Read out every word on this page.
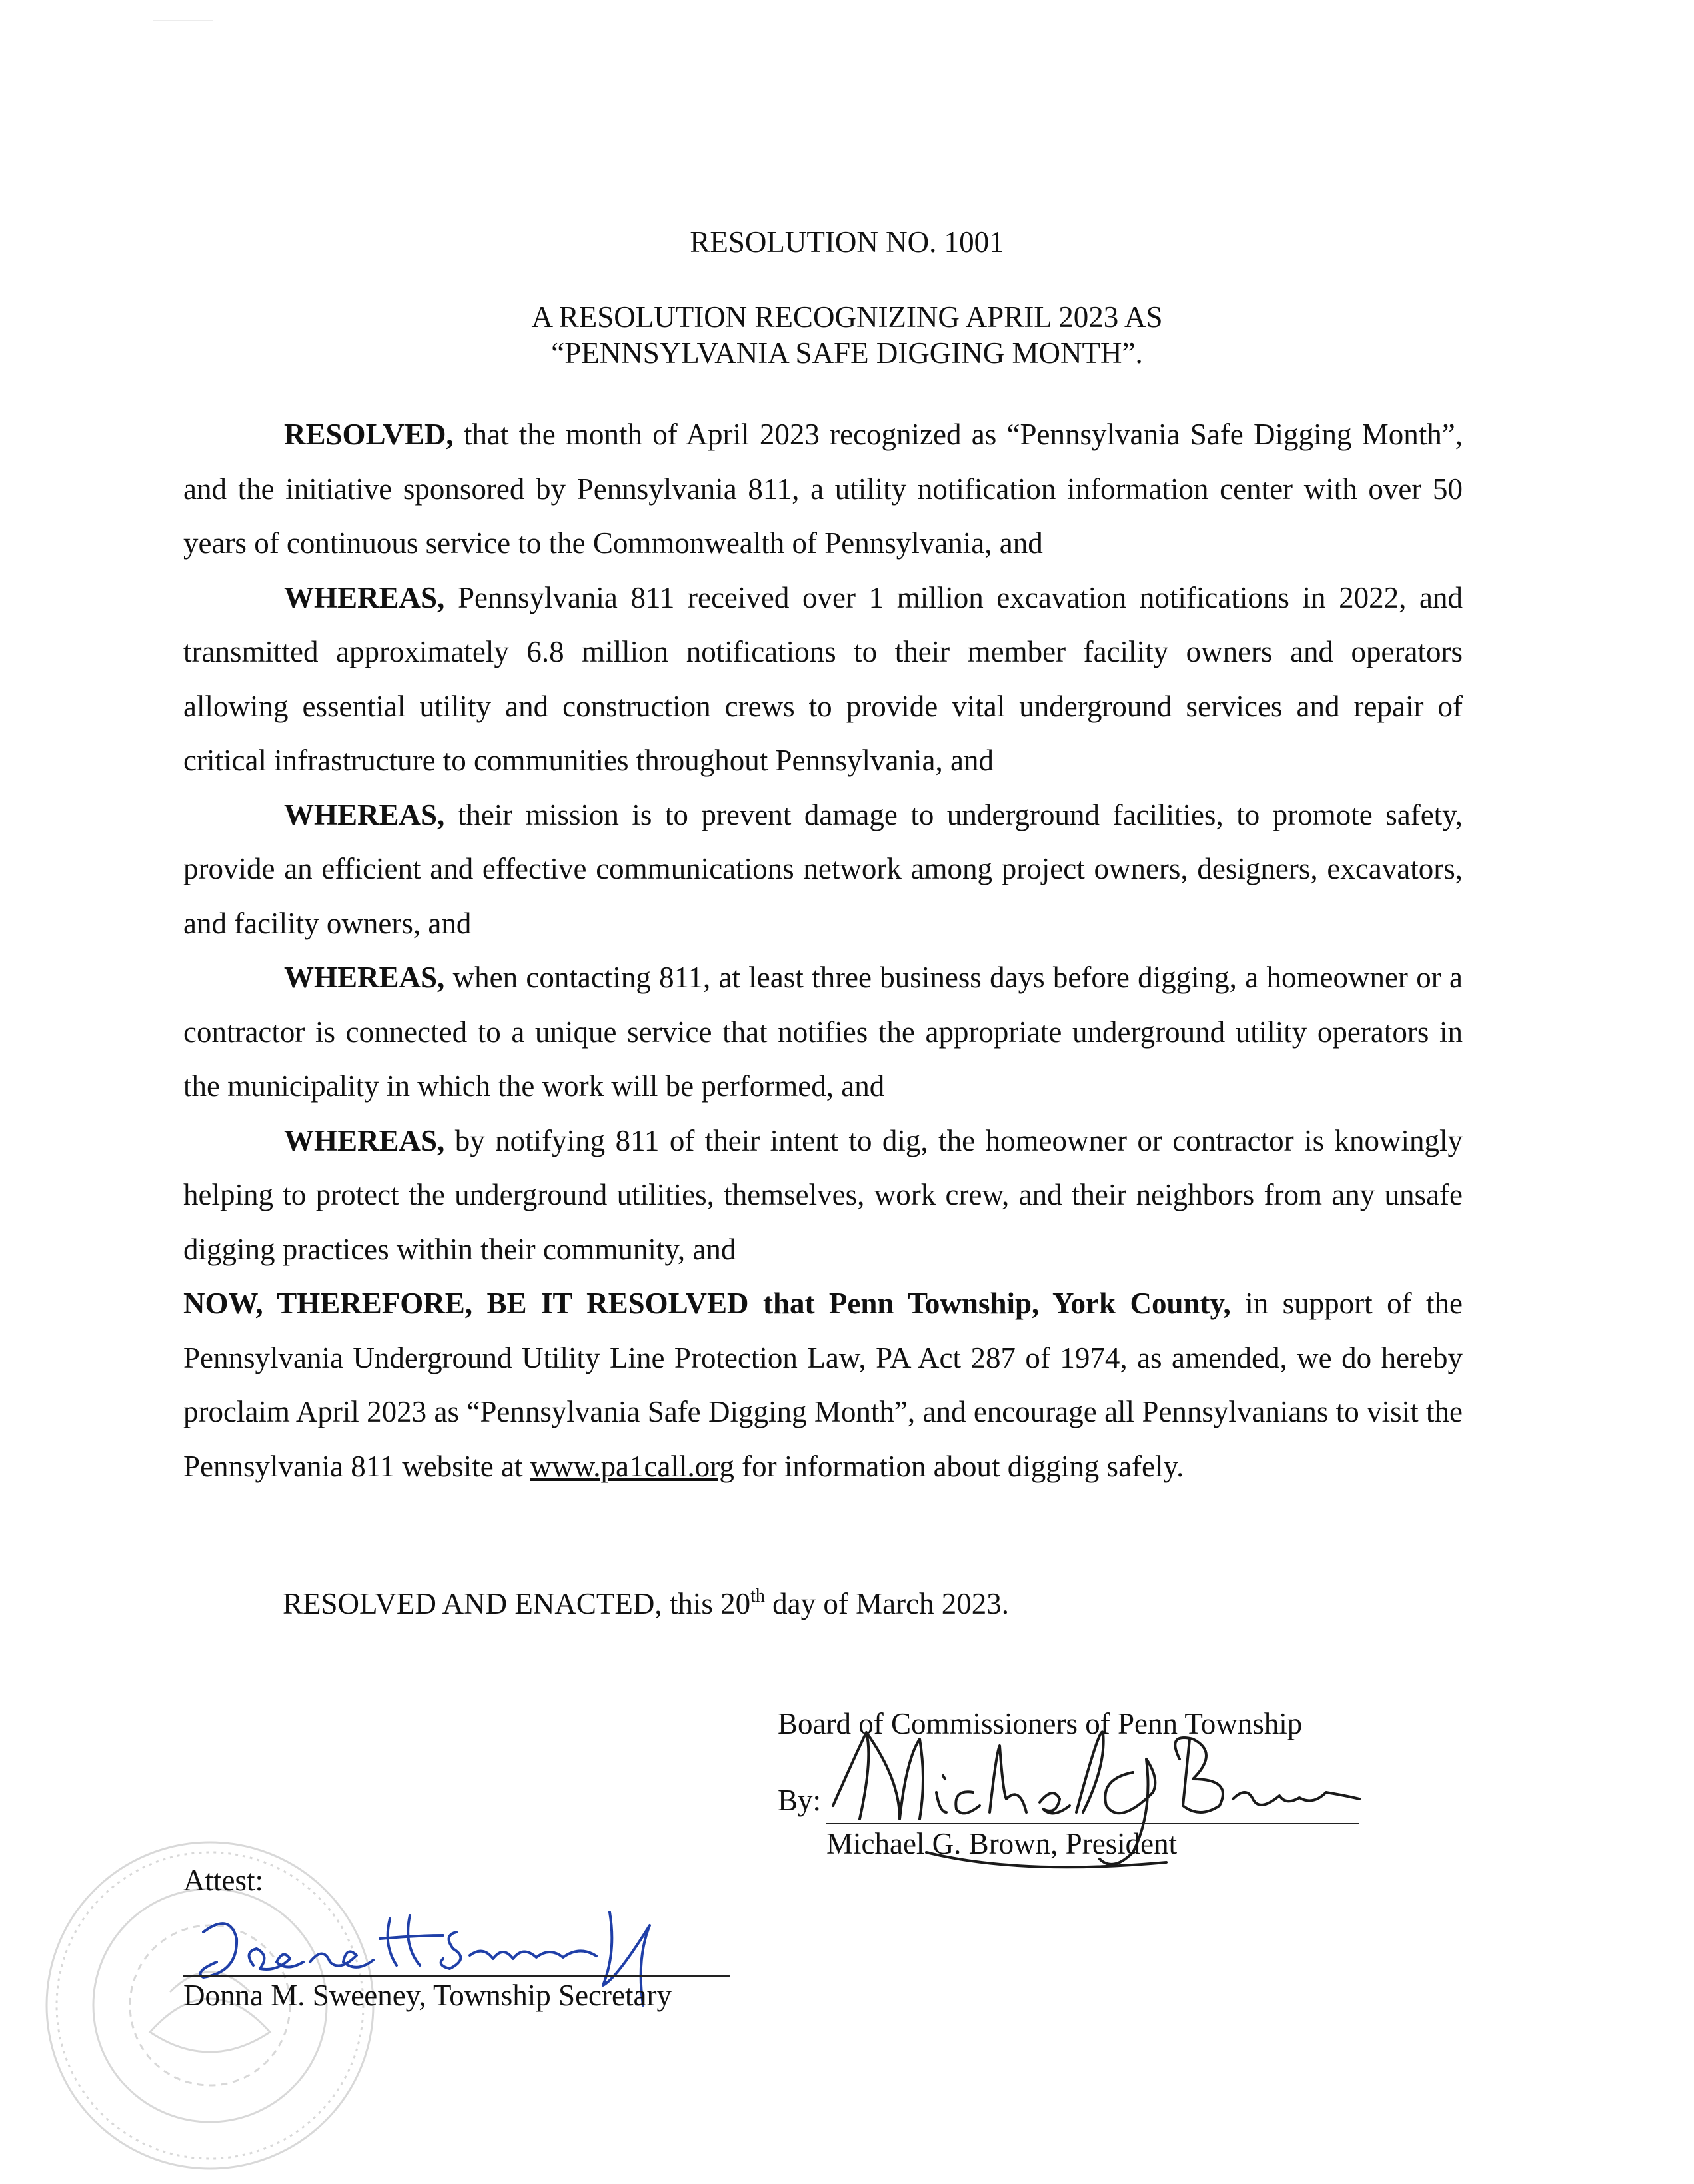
RESOLUTION NO. 1001
A RESOLUTION RECOGNIZING APRIL 2023 AS
“PENNSYLVANIA SAFE DIGGING MONTH”.

RESOLVED, that the month of April 2023 recognized as “Pennsylvania Safe Digging Month”, and the initiative sponsored by Pennsylvania 811, a utility notification information center with over 50 years of continuous service to the Commonwealth of Pennsylvania, and

WHEREAS, Pennsylvania 811 received over 1 million excavation notifications in 2022, and transmitted approximately 6.8 million notifications to their member facility owners and operators allowing essential utility and construction crews to provide vital underground services and repair of critical infrastructure to communities throughout Pennsylvania, and

WHEREAS, their mission is to prevent damage to underground facilities, to promote safety, provide an efficient and effective communications network among project owners, designers, excavators, and facility owners, and

WHEREAS, when contacting 811, at least three business days before digging, a homeowner or a contractor is connected to a unique service that notifies the appropriate underground utility operators in the municipality in which the work will be performed, and

WHEREAS, by notifying 811 of their intent to dig, the homeowner or contractor is knowingly helping to protect the underground utilities, themselves, work crew, and their neighbors from any unsafe digging practices within their community, and

NOW, THEREFORE, BE IT RESOLVED that Penn Township, York County, in support of the Pennsylvania Underground Utility Line Protection Law, PA Act 287 of 1974, as amended, we do hereby proclaim April 2023 as “Pennsylvania Safe Digging Month”, and encourage all Pennsylvanians to visit the Pennsylvania 811 website at www.pa1call.org for information about digging safely.

RESOLVED AND ENACTED, this 20th day of March 2023.
Board of Commissioners of Penn Township
By:
Michael G. Brown, President
Attest:
Donna M. Sweeney, Township Secretary
